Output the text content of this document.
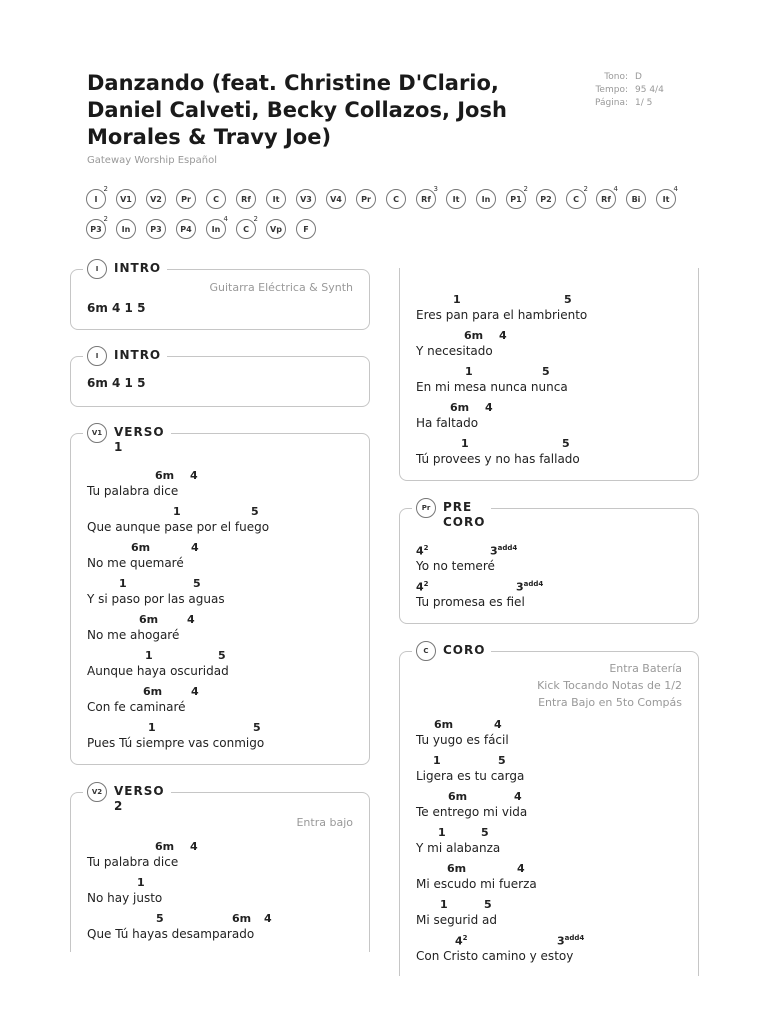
Danzando (feat. Christine D'Clario, Daniel Calveti, Becky Collazos, Josh Morales & Travy Joe)
Gateway Worship Español
Tono: D
Tempo: 95 4/4
Página: 1/ 5
I
2
V1 V2 Pr	C	Rf	It	V3 V4 Pr	C	Rf
3
It	In P1
2
P2	C
2
Rf
4
Bi	It
4
P3
2
In P3 P4 In
4
C
2
Vp	F
I	INTRO
Guitarra Eléctrica & Synth
6m 4 1 5
I	INTRO
6m 4 1 5
V1 VERSO
1
6m 4
Tu palabra dice
1	5
Que aunque pase por el fuego
6m	4
No me quemaré
1	5
Y si paso por las aguas
6m	4
No me ahogaré
1	5
Aunque haya oscuridad
6m	4
Con fe caminaré
1	5
Pues Tú siempre vas conmigo
V2 VERSO
2
Entra bajo
6m 4
Tu palabra dice
1
No hay justo
5	6m 4
Que Tú hayas desamparado
1	5
Eres pan para el hambriento
6m 4
Y necesitado
1	5
En mi mesa nunca nunca
6m 4
Ha faltado
1	5
Tú provees y no has fallado
Pr	PRE
CORO
$4^2$	$3^{add4}$
Yo no temeré
$4^2$	$3^{add4}$
Tu promesa es fiel
C	CORO
Entra Batería
Kick Tocando Notas de 1/2
Entra Bajo en 5to Compás
6m	4
Tu yugo es fácil
1	5
Ligera es tu carga
6m	4
Te entrego mi vida
1	5
Y mi alabanza
6m	4
Mi escudo mi fuerza
1	5
Mi segurid ad
$4^2$	$3^{add4}$
Con Cristo camino y estoy
